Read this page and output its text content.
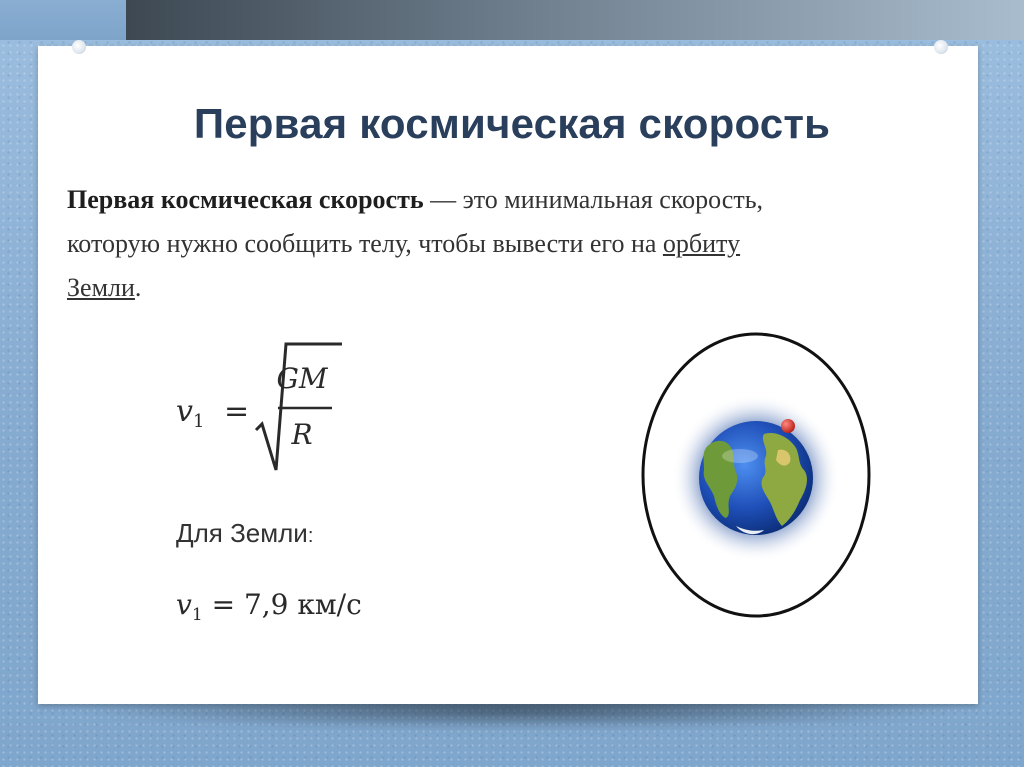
Первая космическая скорость
Первая космическая скорость — это минимальная скорость,
которую нужно сообщить телу, чтобы вывести его на орбиту
Земли.
$v_1$ =
GM
R
Для Земли:
$v_1 = 7,9$ км/с
